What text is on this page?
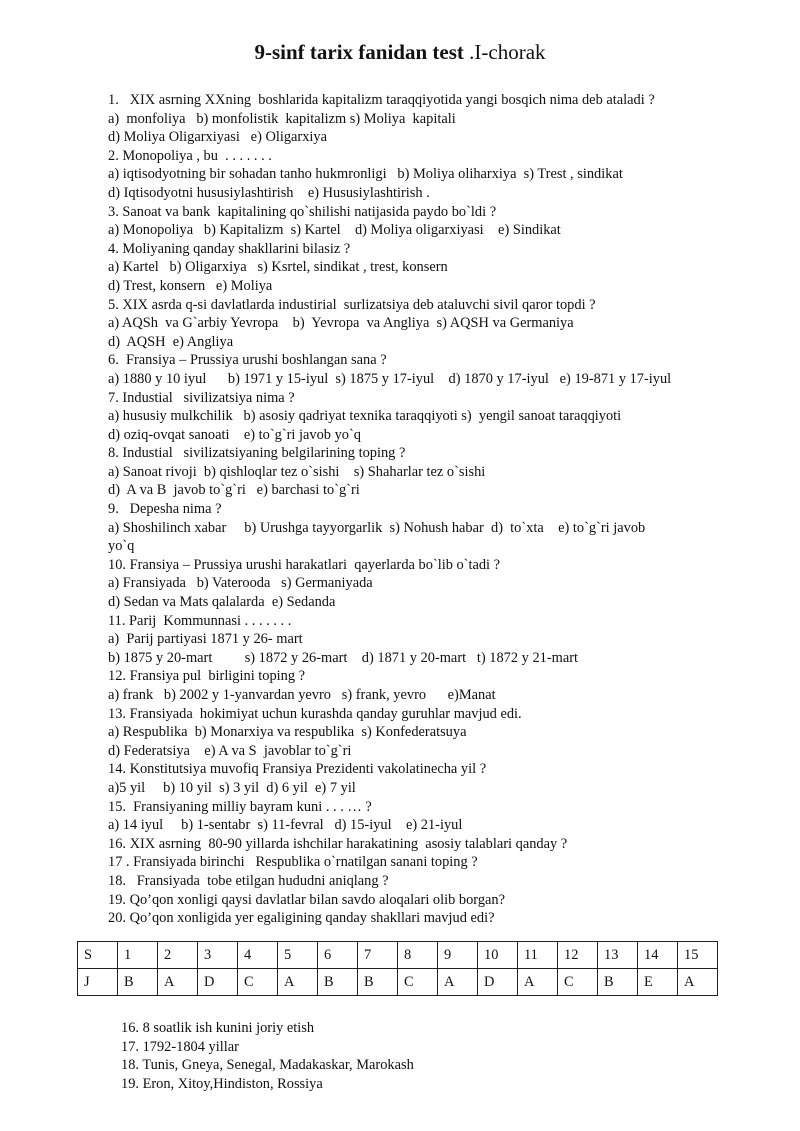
9-sinf tarix fanidan test .I-chorak
1.   XIX asrning XXning  boshlarida kapitalizm taraqqiyotida yangi bosqich nima deb ataladi ?
a)  monfoliya   b) monfolistik  kapitalizm s) Moliya  kapitali
d) Moliya Oligarxiyasi   e) Oligarxiya
2. Monopoliya , bu  . . . . . . .
a) iqtisodyotning bir sohadan tanho hukmronligi   b) Moliya oliharxiya  s) Trest , sindikat
d) Iqtisodyotni hususiylashtirish    e) Hususiylashtirish .
3. Sanoat va bank  kapitalining qo`shilishi natijasida paydo bo`ldi ?
a) Monopoliya   b) Kapitalizm  s) Kartel    d) Moliya oligarxiyasi    e) Sindikat
4. Moliyaning qanday shakllarini bilasiz ?
a) Kartel   b) Oligarxiya   s) Ksrtel, sindikat , trest, konsern
d) Trest, konsern   e) Moliya
5. XIX asrda q-si davlatlarda industirial  surlizatsiya deb ataluvchi sivil qaror topdi ?
a) AQSh  va G`arbiy Yevropa    b)  Yevropa  va Angliya  s) AQSH va Germaniya
d)  AQSH  e) Angliya
6.  Fransiya – Prussiya urushi boshlangan sana ?
a) 1880 y 10 iyul      b) 1971 y 15-iyul  s) 1875 y 17-iyul    d) 1870 y 17-iyul   e) 19-871 y 17-iyul
7. Industial   sivilizatsiya nima ?
a) hususiy mulkchilik   b) asosiy qadriyat texnika taraqqiyoti s)  yengil sanoat taraqqiyoti
d) oziq-ovqat sanoati    e) to`g`ri javob yo`q
8. Industial   sivilizatsiyaning belgilarining toping ?
a) Sanoat rivoji  b) qishloqlar tez o`sishi    s) Shaharlar tez o`sishi
d)  A va B  javob to`g`ri   e) barchasi to`g`ri
9.   Depesha nima ?
a) Shoshilinch xabar     b) Urushga tayyorgarlik  s) Nohush habar  d)  to`xta    e) to`g`ri javob
yo`q
10. Fransiya – Prussiya urushi harakatlari  qayerlarda bo`lib o`tadi ?
a) Fransiyada   b) Vaterooda   s) Germaniyada
d) Sedan va Mats qalalarda  e) Sedanda
11. Parij  Kommunnasi . . . . . . .
a)  Parij partiyasi 1871 y 26- mart
b) 1875 y 20-mart         s) 1872 y 26-mart    d) 1871 y 20-mart   t) 1872 y 21-mart
12. Fransiya pul  birligini toping ?
a) frank   b) 2002 y 1-yanvardan yevro   s) frank, yevro      e)Manat
13. Fransiyada  hokimiyat uchun kurashda qanday guruhlar mavjud edi.
a) Respublika  b) Monarxiya va respublika  s) Konfederatsuya
d) Federatsiya    e) A va S  javoblar to`g`ri
14. Konstitutsiya muvofiq Fransiya Prezidenti vakolatinecha yil ?
a)5 yil     b) 10 yil  s) 3 yil  d) 6 yil  e) 7 yil
15.  Fransiyaning milliy bayram kuni . . . … ?
a) 14 iyul     b) 1-sentabr  s) 11-fevral   d) 15-iyul    e) 21-iyul
16. XIX asrning  80-90 yillarda ishchilar harakatining  asosiy talablari qanday ?
17 . Fransiyada birinchi   Respublika o`rnatilgan sanani toping ?
18.   Fransiyada  tobe etilgan hududni aniqlang ?
19. Qo’qon xonligi qaysi davlatlar bilan savdo aloqalari olib borgan?
20. Qo’qon xonligida yer egaligining qanday shakllari mavjud edi?
S	1	2	3	4	5	6	7	8	9	10	11	12	13	14	15
J	B	A	D	C	A	B	B	C	A	D	A	C	B	E	A
16. 8 soatlik ish kunini joriy etish
17. 1792-1804 yillar
18. Tunis, Gneya, Senegal, Madakaskar, Marokash
19. Eron, Xitoy,Hindiston, Rossiya
